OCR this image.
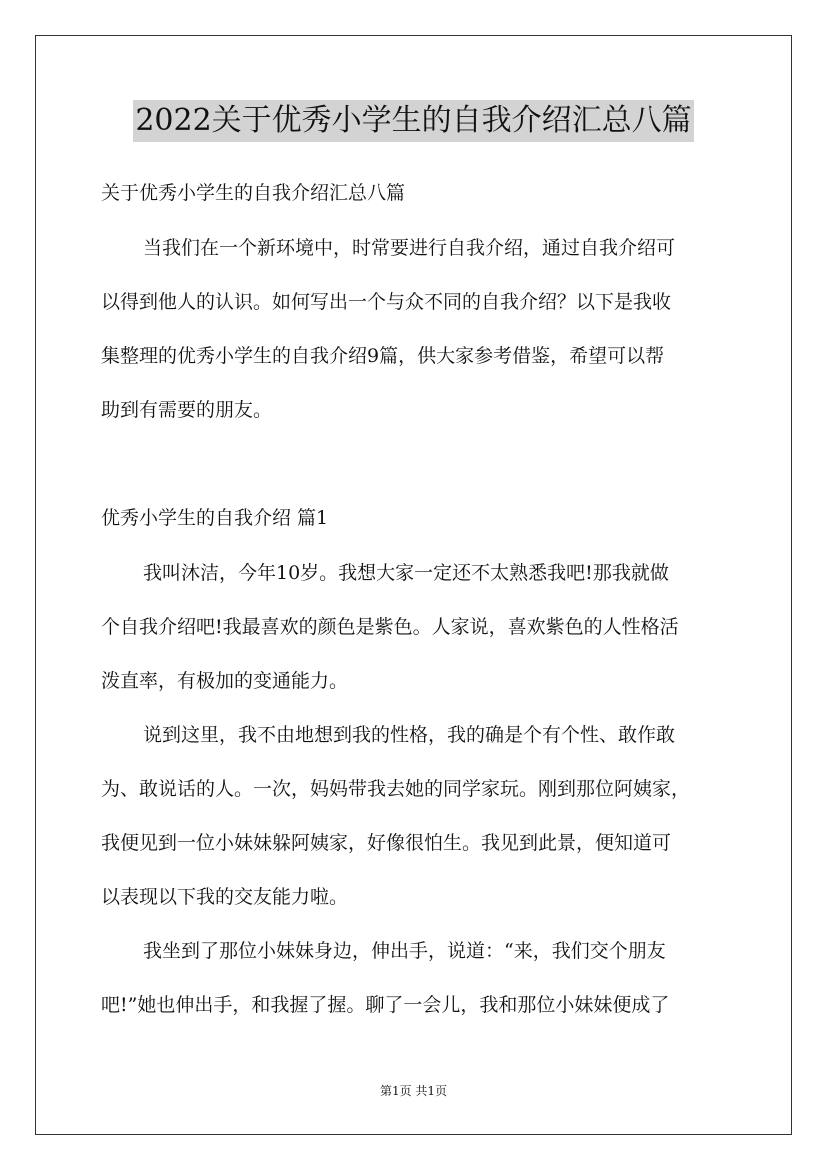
2022关于优秀小学生的自我介绍汇总八篇
关于优秀小学生的自我介绍汇总八篇
当我们在一个新环境中，时常要进行自我介绍，通过自我介绍可
以得到他人的认识。如何写出一个与众不同的自我介绍？以下是我收
集整理的优秀小学生的自我介绍9篇，供大家参考借鉴，希望可以帮
助到有需要的朋友。
优秀小学生的自我介绍 篇1
我叫沐洁，今年10岁。我想大家一定还不太熟悉我吧!那我就做
个自我介绍吧!我最喜欢的颜色是紫色。人家说，喜欢紫色的人性格活
泼直率，有极加的变通能力。
说到这里，我不由地想到我的性格，我的确是个有个性、敢作敢
为、敢说话的人。一次，妈妈带我去她的同学家玩。刚到那位阿姨家，
我便见到一位小妹妹躲阿姨家，好像很怕生。我见到此景，便知道可
以表现以下我的交友能力啦。
我坐到了那位小妹妹身边，伸出手，说道：“来，我们交个朋友
吧!”她也伸出手，和我握了握。聊了一会儿，我和那位小妹妹便成了
第1页 共1页
